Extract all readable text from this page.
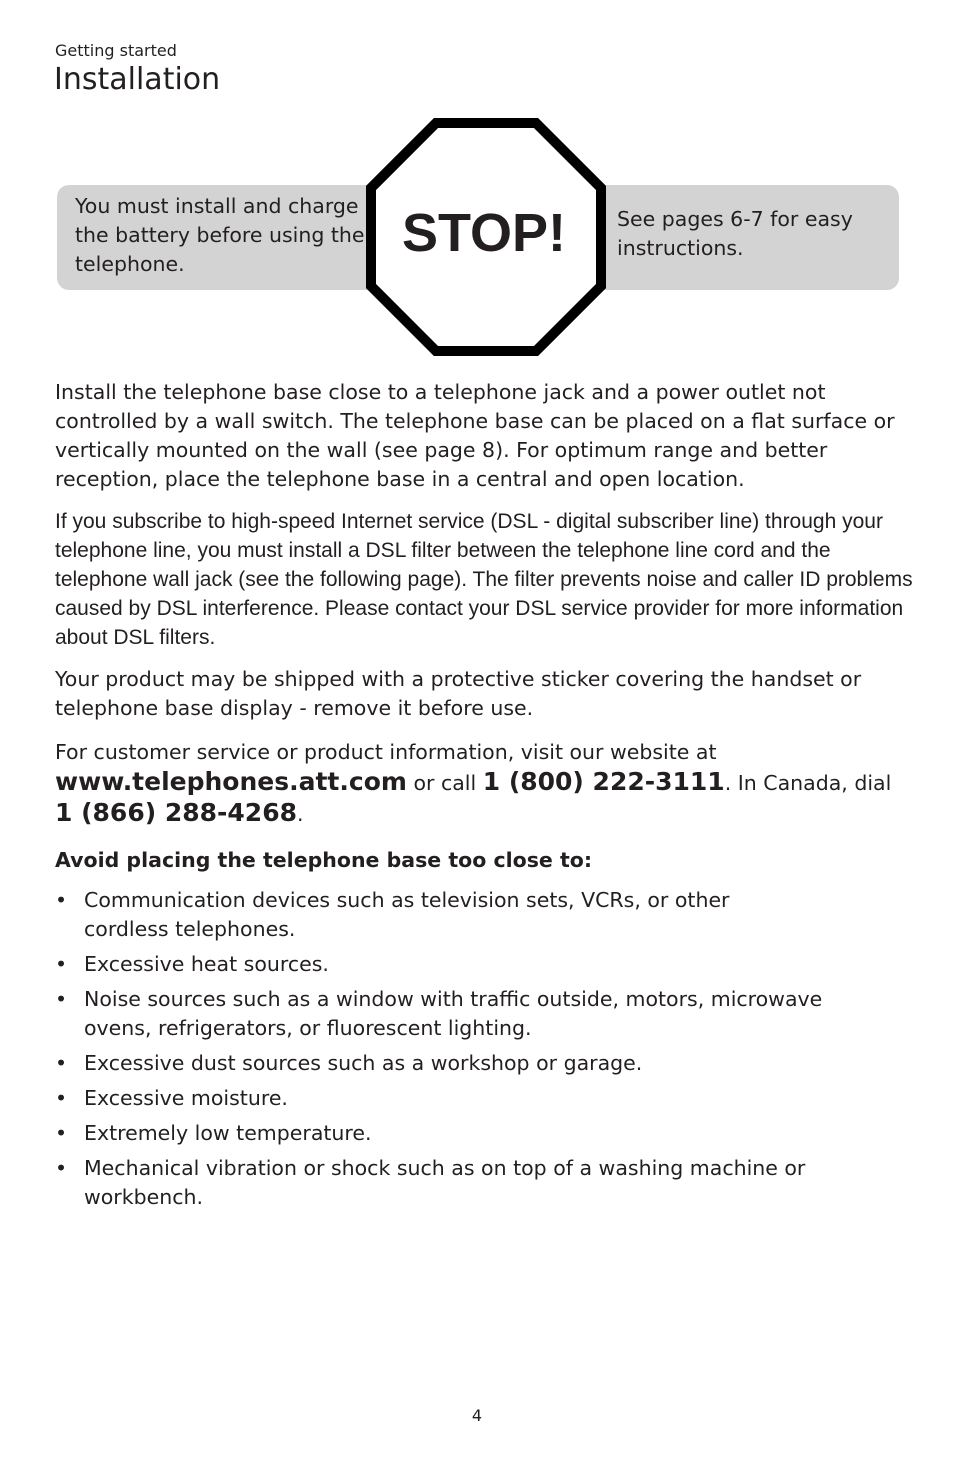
Getting started

Installation

You must install and charge the battery before using the telephone.

See pages 6-7 for easy instructions.

STOP!

Install the telephone base close to a telephone jack and a power outlet not controlled by a wall switch. The telephone base can be placed on a flat surface or vertically mounted on the wall (see page 8). For optimum range and better reception, place the telephone base in a central and open location.

If you subscribe to high-speed Internet service (DSL - digital subscriber line) through your telephone line, you must install a DSL filter between the telephone line cord and the telephone wall jack (see the following page). The filter prevents noise and caller ID problems caused by DSL interference. Please contact your DSL service provider for more information about DSL filters.

Your product may be shipped with a protective sticker covering the handset or telephone base display - remove it before use.

For customer service or product information, visit our website at
www.telephones.att.com or call 1 (800) 222-3111. In Canada, dial 1 (866) 288-4268.

Avoid placing the telephone base too close to:

• Communication devices such as television sets, VCRs, or other cordless telephones.
• Excessive heat sources.
• Noise sources such as a window with traffic outside, motors, microwave ovens, refrigerators, or fluorescent lighting.
• Excessive dust sources such as a workshop or garage.
• Excessive moisture.
• Extremely low temperature.
• Mechanical vibration or shock such as on top of a washing machine or workbench.

4
